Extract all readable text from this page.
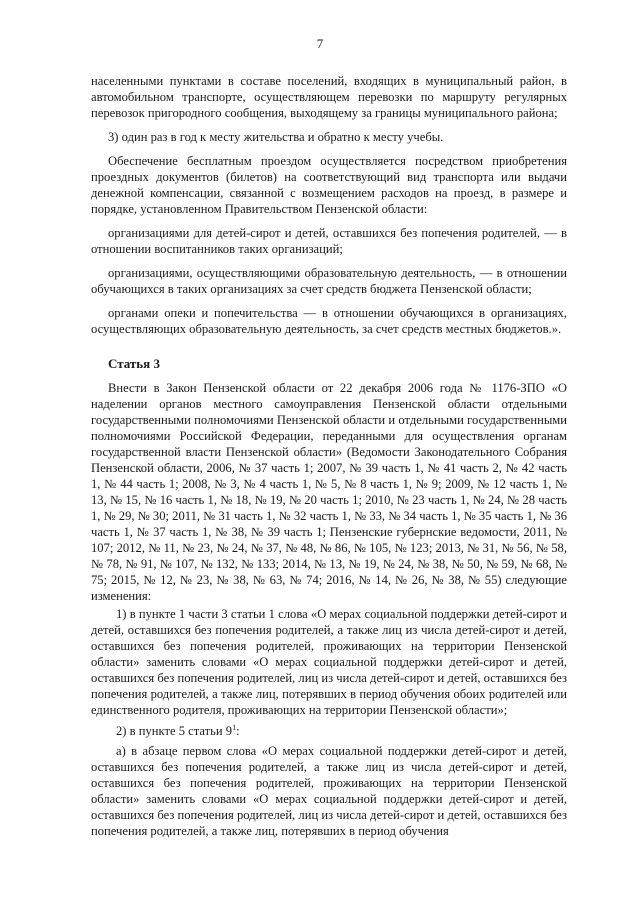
7

населенными пунктами в составе поселений, входящих в муниципальный район, в автомобильном транспорте, осуществляющем перевозки по маршруту регулярных перевозок пригородного сообщения, выходящему за границы муниципального района;

3) один раз в год к месту жительства и обратно к месту учебы.

Обеспечение бесплатным проездом осуществляется посредством приобретения проездных документов (билетов) на соответствующий вид транспорта или выдачи денежной компенсации, связанной с возмещением расходов на проезд, в размере и порядке, установленном Правительством Пензенской области:

организациями для детей-сирот и детей, оставшихся без попечения родителей, — в отношении воспитанников таких организаций;

организациями, осуществляющими образовательную деятельность, — в отношении обучающихся в таких организациях за счет средств бюджета Пензенской области;

органами опеки и попечительства — в отношении обучающихся в организациях, осуществляющих образовательную деятельность, за счет средств местных бюджетов.».

Статья 3

Внести в Закон Пензенской области от 22 декабря 2006 года № 1176-ЗПО «О наделении органов местного самоуправления Пензенской области отдельными государственными полномочиями Пензенской области и отдельными государственными полномочиями Российской Федерации, переданными для осуществления органам государственной власти Пензенской области» (Ведомости Законодательного Собрания Пензенской области, 2006, № 37 часть 1; 2007, № 39 часть 1, № 41 часть 2, № 42 часть 1, № 44 часть 1; 2008, № 3, № 4 часть 1, № 5, № 8 часть 1, № 9; 2009, № 12 часть 1, № 13, № 15, № 16 часть 1, № 18, № 19, № 20 часть 1; 2010, № 23 часть 1, № 24, № 28 часть 1, № 29, № 30; 2011, № 31 часть 1, № 32 часть 1, № 33, № 34 часть 1, № 35 часть 1, № 36 часть 1, № 37 часть 1, № 38, № 39 часть 1; Пензенские губернские ведомости, 2011, № 107; 2012, № 11, № 23, № 24, № 37, № 48, № 86, № 105, № 123; 2013, № 31, № 56, № 58, № 78, № 91, № 107, № 132, № 133; 2014, № 13, № 19, № 24, № 38, № 50, № 59, № 68, № 75; 2015, № 12, № 23, № 38, № 63, № 74; 2016, № 14, № 26, № 38, № 55) следующие изменения:

1) в пункте 1 части 3 статьи 1 слова «О мерах социальной поддержки детей-сирот и детей, оставшихся без попечения родителей, а также лиц из числа детей-сирот и детей, оставшихся без попечения родителей, проживающих на территории Пензенской области» заменить словами «О мерах социальной поддержки детей-сирот и детей, оставшихся без попечения родителей, лиц из числа детей-сирот и детей, оставшихся без попечения родителей, а также лиц, потерявших в период обучения обоих родителей или единственного родителя, проживающих на территории Пензенской области»;

2) в пункте 5 статьи $9^1$:

а) в абзаце первом слова «О мерах социальной поддержки детей-сирот и детей, оставшихся без попечения родителей, а также лиц из числа детей-сирот и детей, оставшихся без попечения родителей, проживающих на территории Пензенской области» заменить словами «О мерах социальной поддержки детей-сирот и детей, оставшихся без попечения родителей, лиц из числа детей-сирот и детей, оставшихся без попечения родителей, а также лиц, потерявших в период обучения
